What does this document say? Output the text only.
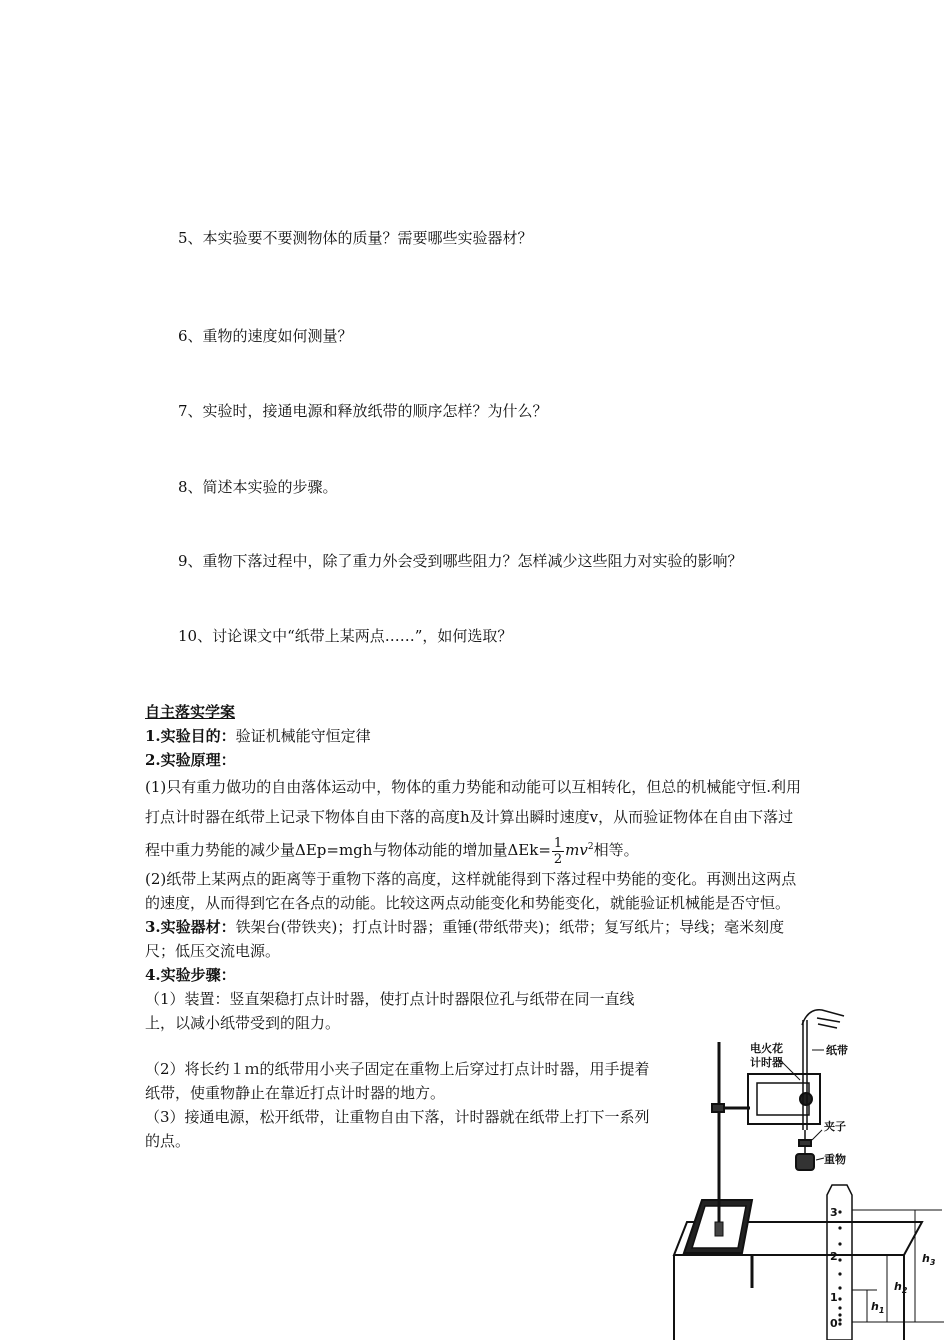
5、本实验要不要测物体的质量？需要哪些实验器材？
6、重物的速度如何测量？
7、实验时，接通电源和释放纸带的顺序怎样？为什么？
8、简述本实验的步骤。
9、重物下落过程中，除了重力外会受到哪些阻力？怎样减少这些阻力对实验的影响？
10、讨论课文中“纸带上某两点……”，如何选取？
自主落实学案
1.实验目的：验证机械能守恒定律
2.实验原理：
(1)只有重力做功的自由落体运动中，物体的重力势能和动能可以互相转化，但总的机械能守恒.利用打点计时器在纸带上记录下物体自由下落的高度h及计算出瞬时速度v，从而验证物体在自由下落过程中重力势能的减少量ΔEp=mgh与物体动能的增加量$\Delta Ek= \frac{1}{2} mv^2$相等。
(2)纸带上某两点的距离等于重物下落的高度，这样就能得到下落过程中势能的变化。再测出这两点的速度，从而得到它在各点的动能。比较这两点动能变化和势能变化，就能验证机械能是否守恒。
3.实验器材：铁架台(带铁夹)；打点计时器；重锤(带纸带夹)；纸带；复写纸片；导线；毫米刻度尺；低压交流电源。
4.实验步骤：
（1）装置：竖直架稳打点计时器，使打点计时器限位孔与纸带在同一直线上，以减小纸带受到的阻力。
（2）将长约１ｍ的纸带用小夹子固定在重物上后穿过打点计时器，用手提着纸带，使重物静止在靠近打点计时器的地方。
（3）接通电源，松开纸带，让重物自由下落，计时器就在纸带上打下一系列的点。
电火花
计时器
纸带
夹子
重物
3
2
1
0
$h_3$
$h_2$
$h_1$
